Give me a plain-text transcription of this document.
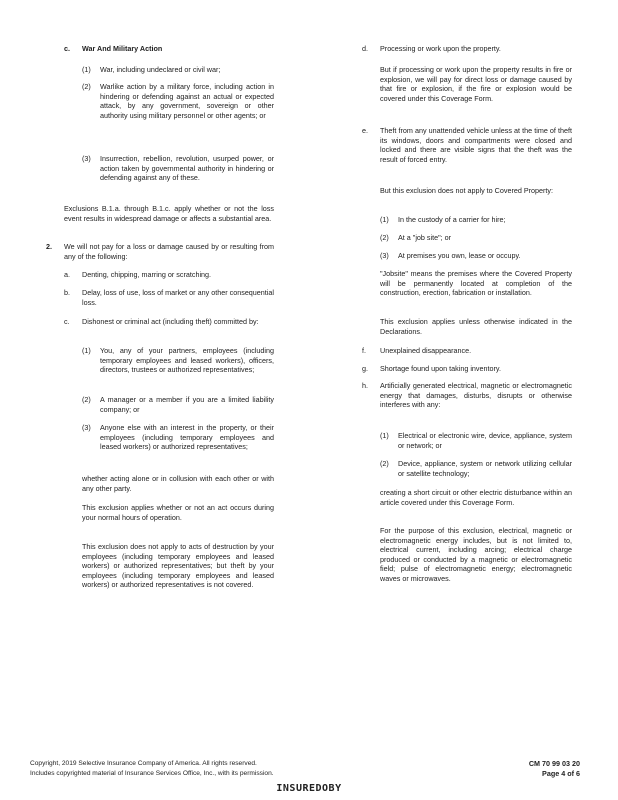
c. War And Military Action
(1) War, including undeclared or civil war;
(2) Warlike action by a military force, including action in hindering or defending against an actual or expected attack, by any government, sovereign or other authority using military personnel or other agents; or
(3) Insurrection, rebellion, revolution, usurped power, or action taken by governmental authority in hindering or defending against any of these.
Exclusions B.1.a. through B.1.c. apply whether or not the loss event results in widespread damage or affects a substantial area.
2. We will not pay for a loss or damage caused by or resulting from any of the following:
a. Denting, chipping, marring or scratching.
b. Delay, loss of use, loss of market or any other consequential loss.
c. Dishonest or criminal act (including theft) committed by:
(1) You, any of your partners, employees (including temporary employees and leased workers), officers, directors, trustees or authorized representatives;
(2) A manager or a member if you are a limited liability company; or
(3) Anyone else with an interest in the property, or their employees (including temporary employees and leased workers) or authorized representatives;
whether acting alone or in collusion with each other or with any other party.
This exclusion applies whether or not an act occurs during your normal hours of operation.
This exclusion does not apply to acts of destruction by your employees (including temporary employees and leased workers) or authorized representatives; but theft by your employees (including temporary employees and leased workers) or authorized representatives is not covered.
d. Processing or work upon the property.
But if processing or work upon the property results in fire or explosion, we will pay for direct loss or damage caused by that fire or explosion, if the fire or explosion would be covered under this Coverage Form.
e. Theft from any unattended vehicle unless at the time of theft its windows, doors and compartments were closed and locked and there are visible signs that the theft was the result of forced entry.
But this exclusion does not apply to Covered Property:
(1) In the custody of a carrier for hire;
(2) At a "job site"; or
(3) At premises you own, lease or occupy.
"Jobsite" means the premises where the Covered Property will be permanently located at completion of the construction, erection, fabrication or installation.
This exclusion applies unless otherwise indicated in the Declarations.
f. Unexplained disappearance.
g. Shortage found upon taking inventory.
h. Artificially generated electrical, magnetic or electromagnetic energy that damages, disturbs, disrupts or otherwise interferes with any:
(1) Electrical or electronic wire, device, appliance, system or network; or
(2) Device, appliance, system or network utilizing cellular or satellite technology;
creating a short circuit or other electric disturbance within an article covered under this Coverage Form.
For the purpose of this exclusion, electrical, magnetic or electromagnetic energy includes, but is not limited to, electrical current, including arcing; electrical charge produced or conducted by a magnetic or electromagnetic field; pulse of electromagnetic energy; electromagnetic waves or microwaves.
Copyright, 2019 Selective Insurance Company of America. All rights reserved.
Includes copyrighted material of Insurance Services Office, Inc., with its permission.
CM 70 99 03 20
Page 4 of 6
INSUREDOBY
